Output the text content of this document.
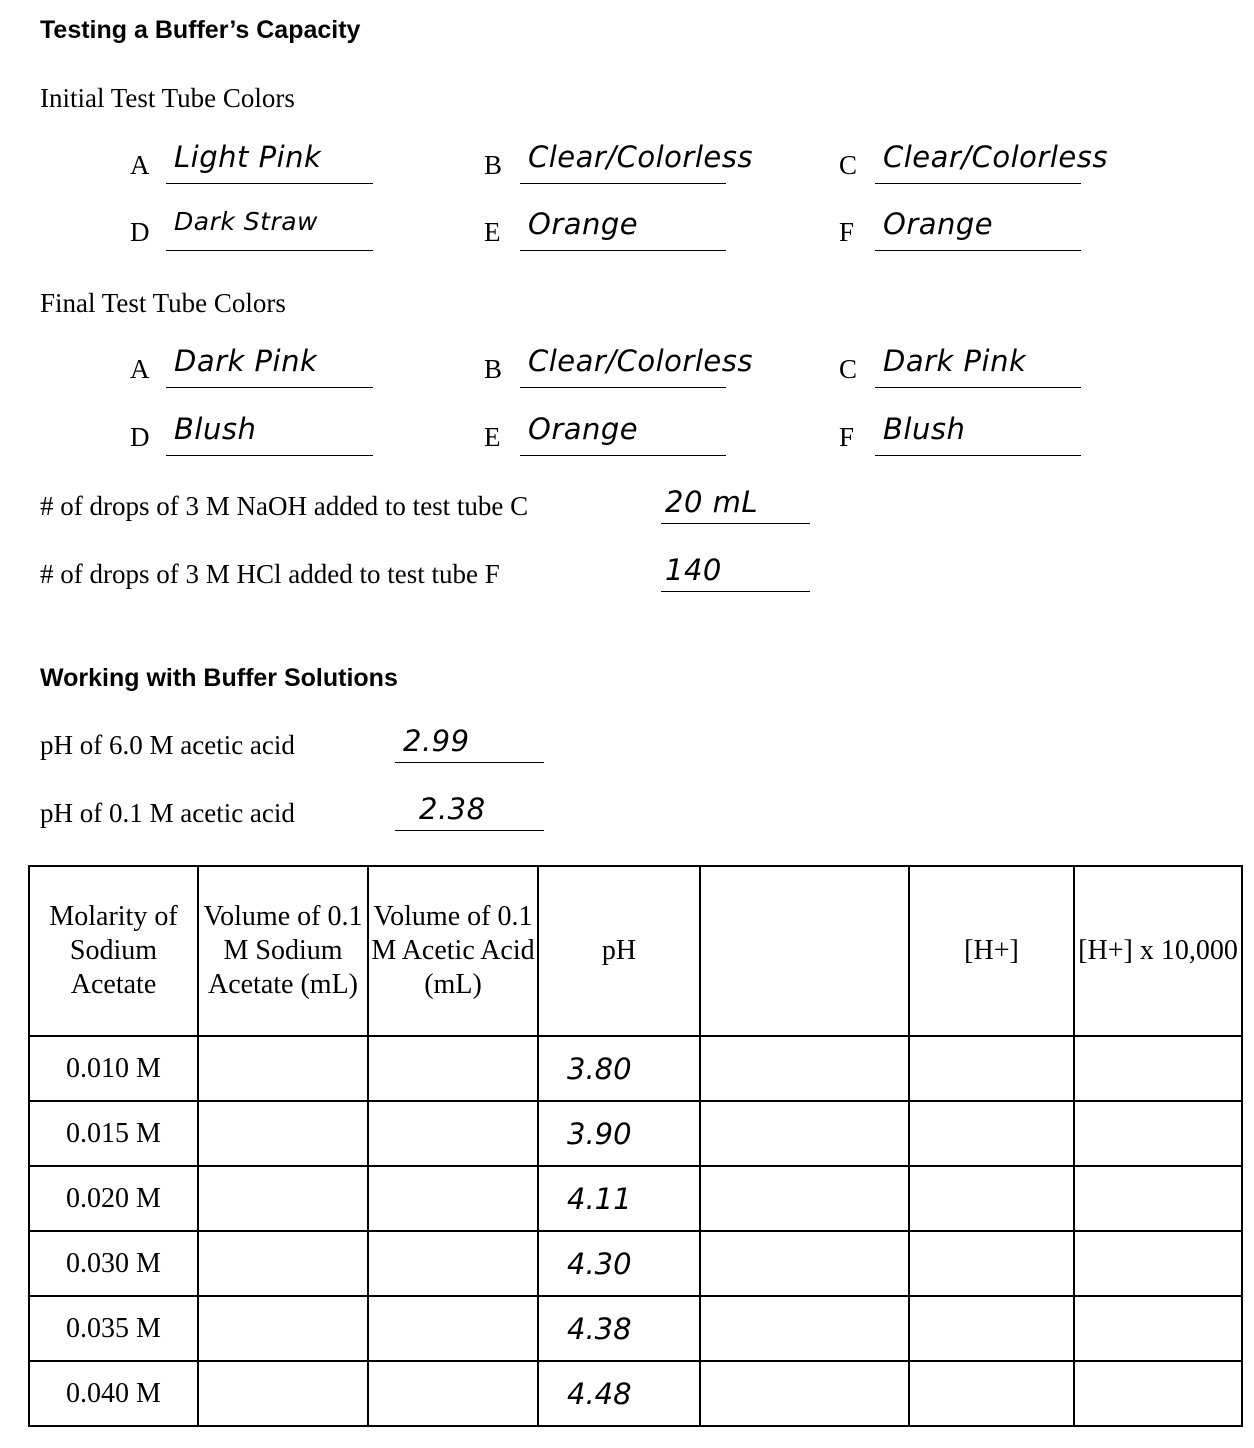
Testing a Buffer’s Capacity
Initial Test Tube Colors
A Light Pink	B Clear/Colorless	C Clear/Colorless
D Dark Straw	E Orange	F Orange
Final Test Tube Colors
A Dark Pink	B Clear/Colorless	C Dark Pink
D Blush	E Orange	F Blush
# of drops of 3 M NaOH added to test tube C	20 mL
# of drops of 3 M HCl added to test tube F	140
Working with Buffer Solutions
pH of 6.0 M acetic acid	2.99
pH of 0.1 M acetic acid	2.38
Molarity of Sodium Acetate	Volume of 0.1 M Sodium Acetate (mL)	Volume of 0.1 M Acetic Acid (mL)	pH		[H+]	[H+] x 10,000
0.010 M			3.80			
0.015 M			3.90			
0.020 M			4.11			
0.030 M			4.30			
0.035 M			4.38			
0.040 M			4.48			
